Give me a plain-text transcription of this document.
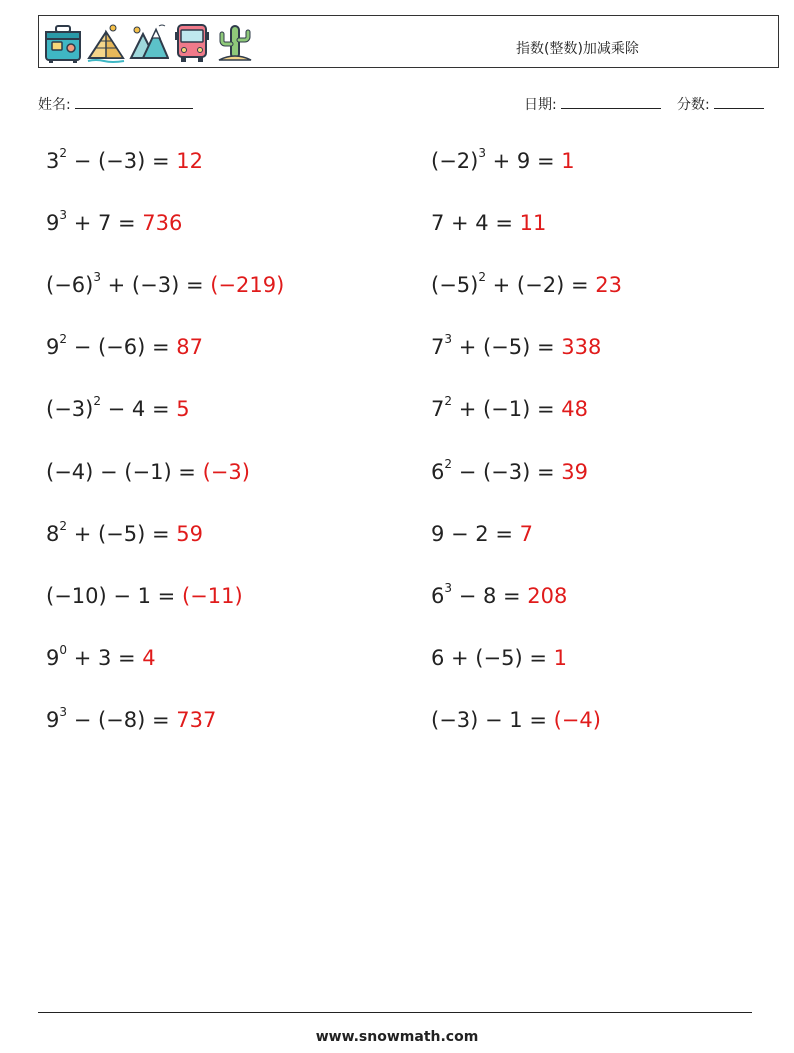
指数(整数)加减乘除
姓名:	日期:	分数:
$3^2 - (-3) = 12$	$(-2)^3 + 9 = 1$
$9^3 + 7 = 736$	7 + 4 = 11
$(-6)^3 + (-3) = (-219)$	$(-5)^2 + (-2) = 23$
$9^2 - (-6) = 87$	$7^3 + (-5) = 338$
$(-3)^2 - 4 = 5$	$7^2 + (-1) = 48$
(−4) − (−1) = (−3)	$6^2 - (-3) = 39$
$8^2 + (-5) = 59$	9 − 2 = 7
(−10) − 1 = (−11)	$6^3 - 8 = 208$
$9^0 + 3 = 4$	6 + (−5) = 1
$9^3 - (-8) = 737$	(−3) − 1 = (−4)
www.snowmath.com
